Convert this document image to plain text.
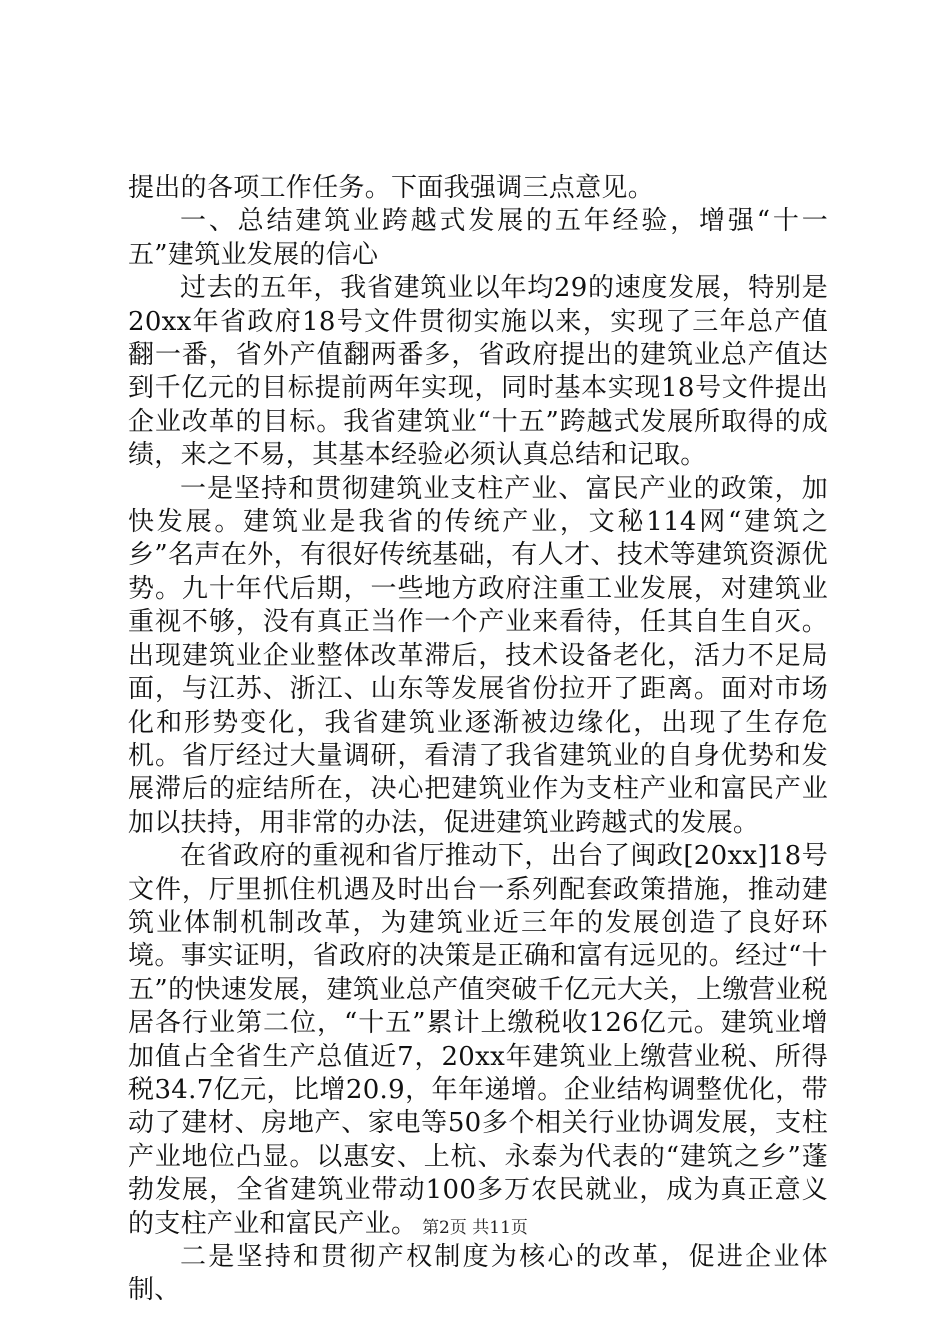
提出的各项工作任务。下面我强调三点意见。

一、总结建筑业跨越式发展的五年经验，增强“十一五”建筑业发展的信心

过去的五年，我省建筑业以年均29的速度发展，特别是20xx年省政府18号文件贯彻实施以来，实现了三年总产值翻一番，省外产值翻两番多，省政府提出的建筑业总产值达到千亿元的目标提前两年实现，同时基本实现18号文件提出企业改革的目标。我省建筑业“十五”跨越式发展所取得的成绩，来之不易，其基本经验必须认真总结和记取。

一是坚持和贯彻建筑业支柱产业、富民产业的政策，加快发展。建筑业是我省的传统产业，文秘114网“建筑之乡”名声在外，有很好传统基础，有人才、技术等建筑资源优势。九十年代后期，一些地方政府注重工业发展，对建筑业重视不够，没有真正当作一个产业来看待，任其自生自灭。出现建筑业企业整体改革滞后，技术设备老化，活力不足局面，与江苏、浙江、山东等发展省份拉开了距离。面对市场化和形势变化，我省建筑业逐渐被边缘化，出现了生存危机。省厅经过大量调研，看清了我省建筑业的自身优势和发展滞后的症结所在，决心把建筑业作为支柱产业和富民产业加以扶持，用非常的办法，促进建筑业跨越式的发展。

在省政府的重视和省厅推动下，出台了闽政[20xx]18号文件，厅里抓住机遇及时出台一系列配套政策措施，推动建筑业体制机制改革，为建筑业近三年的发展创造了良好环境。事实证明，省政府的决策是正确和富有远见的。经过“十五”的快速发展，建筑业总产值突破千亿元大关，上缴营业税居各行业第二位，“十五”累计上缴税收126亿元。建筑业增加值占全省生产总值近7，20xx年建筑业上缴营业税、所得税34.7亿元，比增20.9，年年递增。企业结构调整优化，带动了建材、房地产、家电等50多个相关行业协调发展，支柱产业地位凸显。以惠安、上杭、永泰为代表的“建筑之乡”蓬勃发展，全省建筑业带动100多万农民就业，成为真正意义的支柱产业和富民产业。

二是坚持和贯彻产权制度为核心的改革，促进企业体制、

第2页 共11页
